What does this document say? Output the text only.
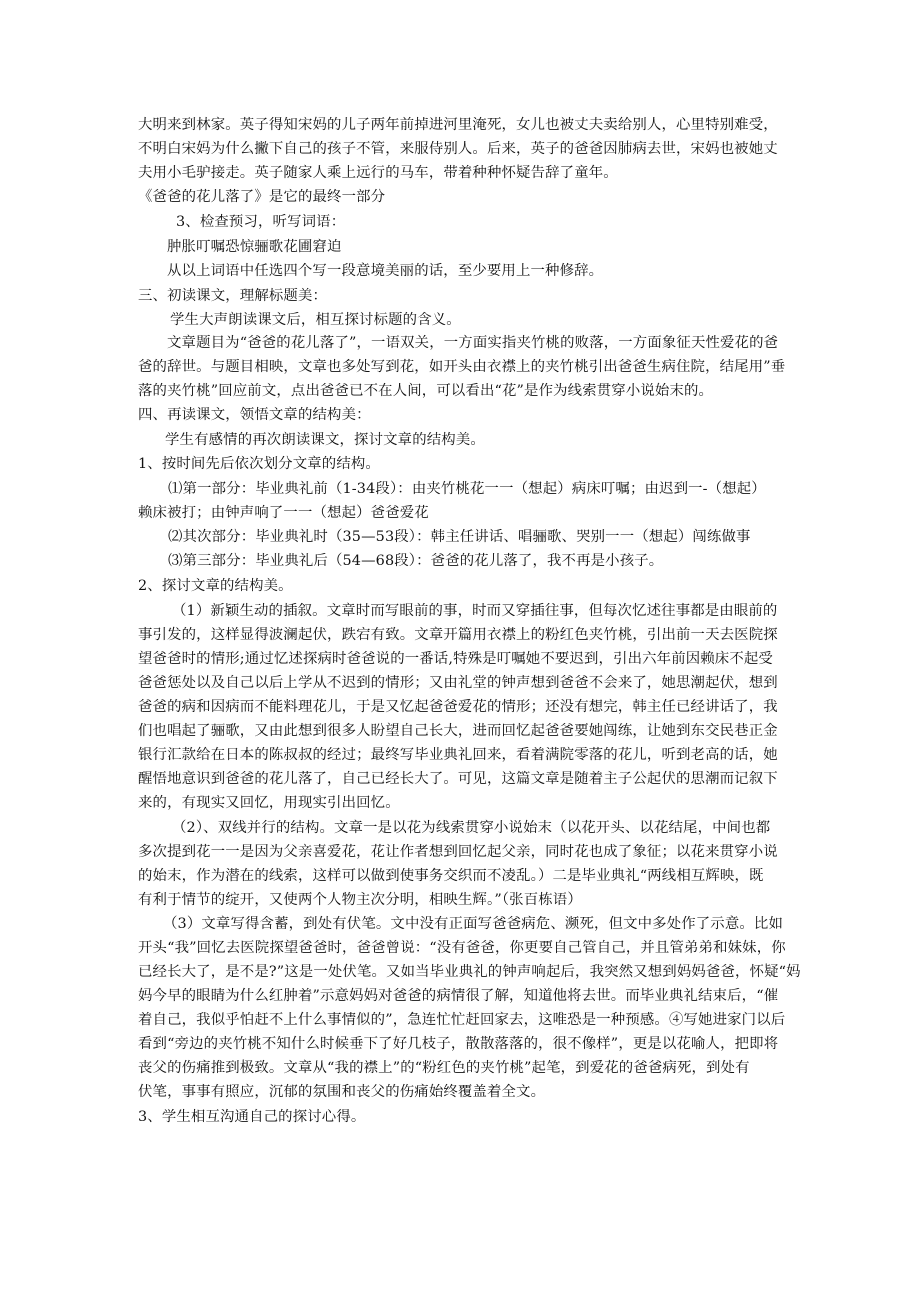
大明来到林家。英子得知宋妈的儿子两年前掉进河里淹死，女儿也被丈夫卖给别人，心里特别难受，
不明白宋妈为什么撇下自己的孩子不管，来服侍别人。后来，英子的爸爸因肺病去世，宋妈也被她丈
夫用小毛驴接走。英子随家人乘上远行的马车，带着种种怀疑告辞了童年。
《爸爸的花儿落了》是它的最终一部分
3、检查预习，听写词语：
肿胀叮嘱恐惊骊歌花圃窘迫
从以上词语中任选四个写一段意境美丽的话，至少要用上一种修辞。
三、初读课文，理解标题美：
学生大声朗读课文后，相互探讨标题的含义。
文章题目为“爸爸的花儿落了”，一语双关，一方面实指夹竹桃的败落，一方面象征天性爱花的爸
爸的辞世。与题目相映，文章也多处写到花，如开头由衣襟上的夹竹桃引出爸爸生病住院，结尾用”垂
落的夹竹桃”回应前文，点出爸爸已不在人间，可以看出“花”是作为线索贯穿小说始末的。
四、再读课文，领悟文章的结构美：
学生有感情的再次朗读课文，探讨文章的结构美。
1、按时间先后依次划分文章的结构。
⑴第一部分：毕业典礼前（1-34段）：由夹竹桃花一一（想起）病床叮嘱；由迟到一-（想起）
赖床被打；由钟声响了一一（想起）爸爸爱花
⑵其次部分：毕业典礼时（35—53段）：韩主任讲话、唱骊歌、哭别一一（想起）闯练做事
⑶第三部分：毕业典礼后（54—68段）：爸爸的花儿落了，我不再是小孩子。
2、探讨文章的结构美。
（1）新颖生动的插叙。文章时而写眼前的事，时而又穿插往事，但每次忆述往事都是由眼前的
事引发的，这样显得波澜起伏，跌宕有致。文章开篇用衣襟上的粉红色夹竹桃，引出前一天去医院探
望爸爸时的情形;通过忆述探病时爸爸说的一番话,特殊是叮嘱她不要迟到，引出六年前因赖床不起受
爸爸惩处以及自己以后上学从不迟到的情形；又由礼堂的钟声想到爸爸不会来了，她思潮起伏，想到
爸爸的病和因病而不能料理花儿，于是又忆起爸爸爱花的情形；还没有想完，韩主任已经讲话了，我
们也唱起了骊歌，又由此想到很多人盼望自己长大，进而回忆起爸爸要她闯练，让她到东交民巷正金
银行汇款给在日本的陈叔叔的经过；最终写毕业典礼回来，看着满院零落的花儿，听到老高的话，她
醒悟地意识到爸爸的花儿落了，自己已经长大了。可见，这篇文章是随着主子公起伏的思潮而记叙下
来的，有现实又回忆，用现实引出回忆。
（2）、双线并行的结构。文章一是以花为线索贯穿小说始末（以花开头、以花结尾，中间也都
多次提到花一一是因为父亲喜爱花，花让作者想到回忆起父亲，同时花也成了象征；以花来贯穿小说
的始末，作为潜在的线索，这样可以做到使事务交织而不凌乱。）二是毕业典礼“两线相互辉映，既
有利于情节的绽开，又使两个人物主次分明，相映生辉。”（张百栋语）
（3）文章写得含蓄，到处有伏笔。文中没有正面写爸爸病危、濒死，但文中多处作了示意。比如
开头“我”回忆去医院探望爸爸时，爸爸曾说：“没有爸爸，你更要自己管自己，并且管弟弟和妹妹，你
已经长大了，是不是?”这是一处伏笔。又如当毕业典礼的钟声响起后，我突然又想到妈妈爸爸，怀疑“妈
妈今早的眼睛为什么红肿着”示意妈妈对爸爸的病情很了解，知道他将去世。而毕业典礼结束后，“催
着自己，我似乎怕赶不上什么事情似的”，急连忙忙赶回家去，这唯恐是一种预感。④写她进家门以后
看到“旁边的夹竹桃不知什么时候垂下了好几枝子，散散落落的，很不像样”，更是以花喻人，把即将
丧父的伤痛推到极致。文章从“我的襟上”的“粉红色的夹竹桃”起笔，到爱花的爸爸病死，到处有
伏笔，事事有照应，沉郁的氛围和丧父的伤痛始终覆盖着全文。
3、学生相互沟通自己的探讨心得。
